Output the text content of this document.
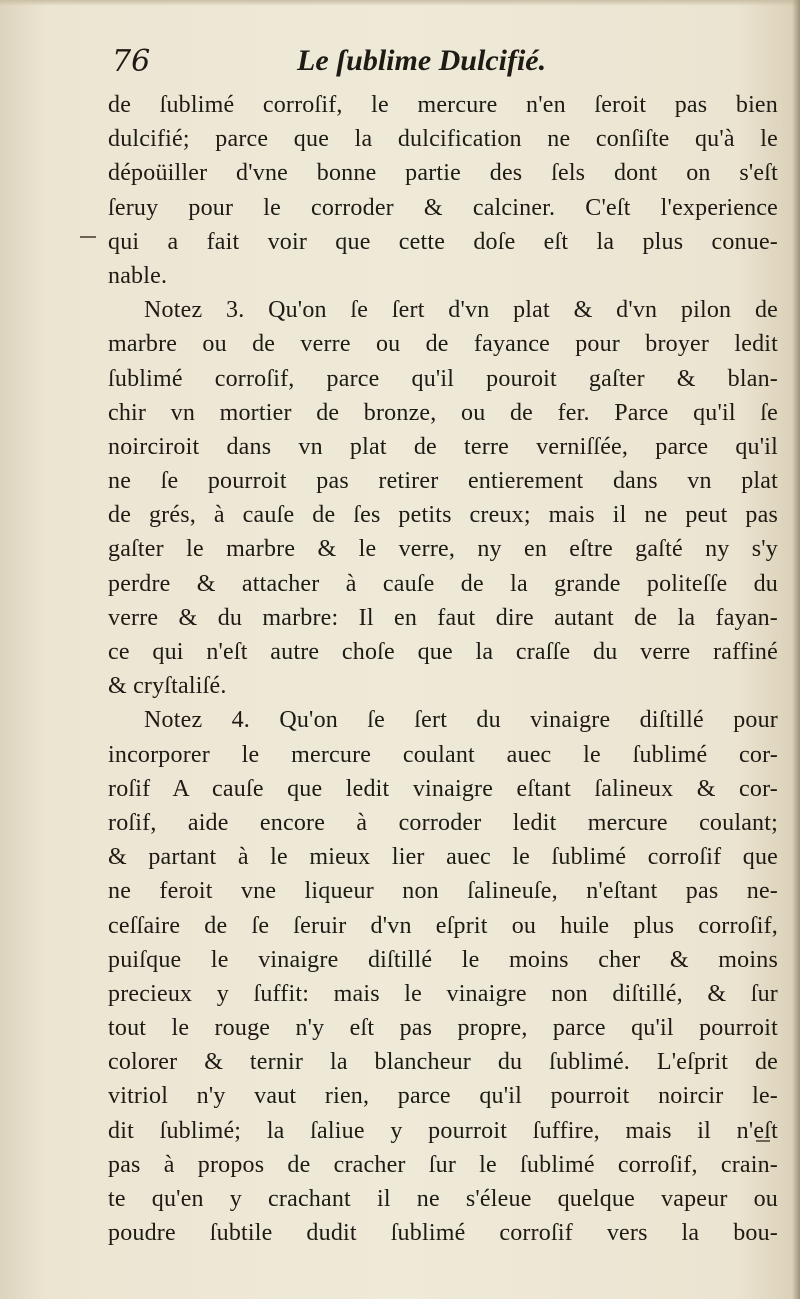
76	Le ſublime Dulcifié.
de ſublimé corroſif, le mercure n'en ſeroit pas bien
dulcifié; parce que la dulcification ne conſiſte qu'à le
dépoüiller d'vne bonne partie des ſels dont on s'eſt
ſeruy pour le corroder & calciner. C'eſt l'experience
qui a fait voir que cette doſe eſt la plus conue-
nable.
Notez 3. Qu'on ſe ſert d'vn plat & d'vn pilon de
marbre ou de verre ou de fayance pour broyer ledit
ſublimé corroſif, parce qu'il pouroit gaſter & blan-
chir vn mortier de bronze, ou de fer. Parce qu'il ſe
noirciroit dans vn plat de terre verniſſée, parce qu'il
ne ſe pourroit pas retirer entierement dans vn plat
de grés, à cauſe de ſes petits creux; mais il ne peut pas
gaſter le marbre & le verre, ny en eſtre gaſté ny s'y
perdre & attacher à cauſe de la grande politeſſe du
verre & du marbre: Il en faut dire autant de la fayan-
ce qui n'eſt autre choſe que la craſſe du verre raffiné
& cryſtaliſé.
Notez 4. Qu'on ſe ſert du vinaigre diſtillé pour
incorporer le mercure coulant auec le ſublimé cor-
roſif A cauſe que ledit vinaigre eſtant ſalineux & cor-
roſif, aide encore à corroder ledit mercure coulant;
& partant à le mieux lier auec le ſublimé corroſif que
ne feroit vne liqueur non ſalineuſe, n'eſtant pas ne-
ceſſaire de ſe ſeruir d'vn eſprit ou huile plus corroſif,
puiſque le vinaigre diſtillé le moins cher & moins
precieux y ſuffit: mais le vinaigre non diſtillé, & ſur
tout le rouge n'y eſt pas propre, parce qu'il pourroit
colorer & ternir la blancheur du ſublimé. L'eſprit de
vitriol n'y vaut rien, parce qu'il pourroit noircir le-
dit ſublimé; la ſaliue y pourroit ſuffire, mais il n'eſt
pas à propos de cracher ſur le ſublimé corroſif, crain-
te qu'en y crachant il ne s'éleue quelque vapeur ou
poudre ſubtile dudit ſublimé corroſif vers la bou-
